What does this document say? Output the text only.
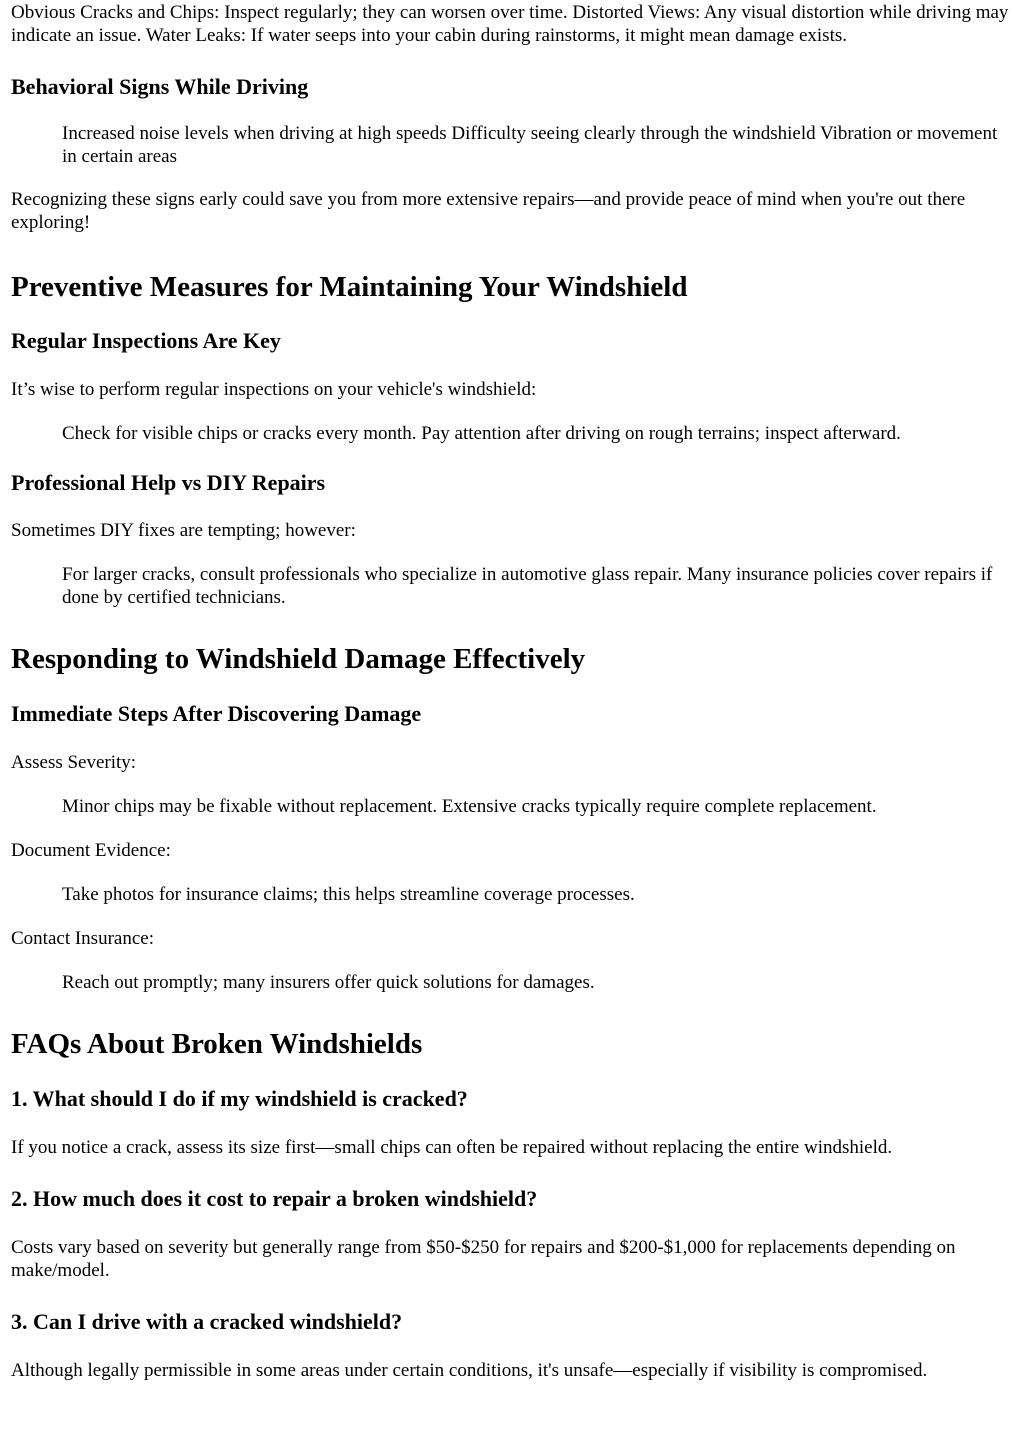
Obvious Cracks and Chips: Inspect regularly; they can worsen over time. Distorted Views: Any visual distortion while driving may indicate an issue. Water Leaks: If water seeps into your cabin during rainstorms, it might mean damage exists.

Behavioral Signs While Driving
Increased noise levels when driving at high speeds Difficulty seeing clearly through the windshield Vibration or movement in certain areas

Recognizing these signs early could save you from more extensive repairs—and provide peace of mind when you're out there exploring!

Preventive Measures for Maintaining Your Windshield
Regular Inspections Are Key

It’s wise to perform regular inspections on your vehicle's windshield:

Check for visible chips or cracks every month. Pay attention after driving on rough terrains; inspect afterward.
Professional Help vs DIY Repairs

Sometimes DIY fixes are tempting; however:

For larger cracks, consult professionals who specialize in automotive glass repair. Many insurance policies cover repairs if done by certified technicians.
Responding to Windshield Damage Effectively
Immediate Steps After Discovering Damage

Assess Severity:

Minor chips may be fixable without replacement. Extensive cracks typically require complete replacement.

Document Evidence:

Take photos for insurance claims; this helps streamline coverage processes.

Contact Insurance:

Reach out promptly; many insurers offer quick solutions for damages.
FAQs About Broken Windshields
1. What should I do if my windshield is cracked?

If you notice a crack, assess its size first—small chips can often be repaired without replacing the entire windshield.

2. How much does it cost to repair a broken windshield?

Costs vary based on severity but generally range from $50-$250 for repairs and $200-$1,000 for replacements depending on make/model.

3. Can I drive with a cracked windshield?

Although legally permissible in some areas under certain conditions, it's unsafe—especially if visibility is compromised.
